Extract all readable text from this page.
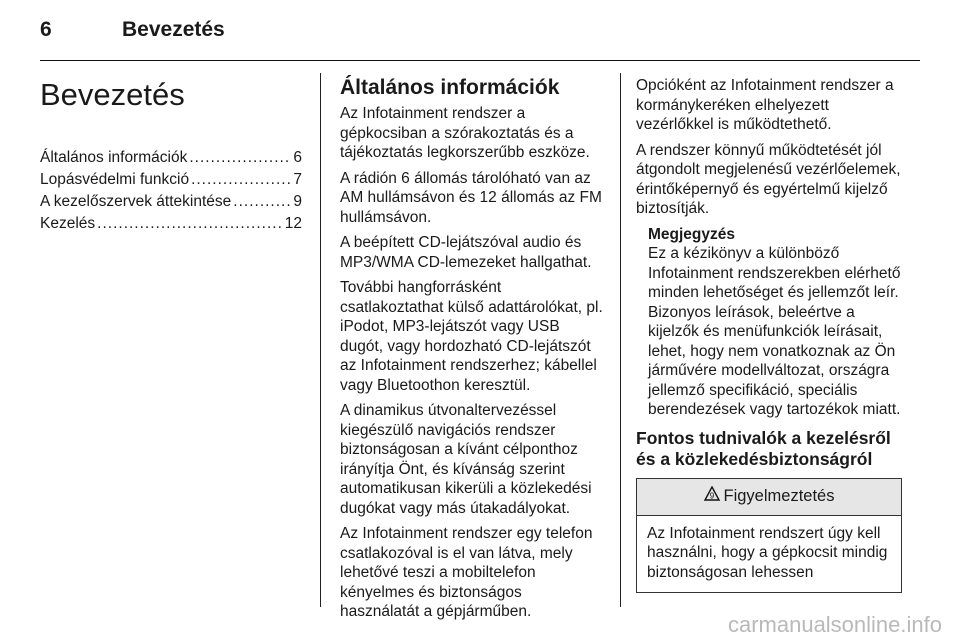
6	Bevezetés
Bevezetés
Általános információk .....	6
Lopásvédelmi funkció .....	7
A kezelőszervek áttekintése .....	9
Kezelés .....	12
Általános információk

Az Infotainment rendszer a gépkocsiban a szórakoztatás és a tájékoztatás legkorszerűbb eszköze.

A rádión 6 állomás tárolóható van az AM hullámsávon és 12 állomás az FM hullámsávon.

A beépített CD-lejátszóval audio és MP3/WMA CD-lemezeket hallgathat.

További hangforrásként csatlakoztathat külső adattárolókat, pl. iPodot, MP3-lejátszót vagy USB dugót, vagy hordozható CD-lejátszót az Infotainment rendszerhez; kábellel vagy Bluetoothon keresztül.

A dinamikus útvonaltervezéssel kiegészülő navigációs rendszer biztonságosan a kívánt célponthoz irányítja Önt, és kívánság szerint automatikusan kikerüli a közlekedési dugókat vagy más útakadályokat.

Az Infotainment rendszer egy telefon csatlakozóval is el van látva, mely lehetővé teszi a mobiltelefon kényelmes és biztonságos használatát a gépjárműben.

Opcióként az Infotainment rendszer a kormánykeréken elhelyezett vezérlőkkel is működtethető.

A rendszer könnyű működtetését jól átgondolt megjelenésű vezérlőelemek, érintőképernyő és egyértelmű kijelző biztosítják.

Megjegyzés
Ez a kézikönyv a különböző Infotainment rendszerekben elérhető minden lehetőséget és jellemzőt leír. Bizonyos leírások, beleértve a kijelzők és menüfunkciók leírásait, lehet, hogy nem vonatkoznak az Ön járművére modellváltozat, országra jellemző specifikáció, speciális berendezések vagy tartozékok miatt.
Fontos tudnivalók a kezelésről és a közlekedésbiztonságról
9 Figyelmeztetés
Az Infotainment rendszert úgy kell használni, hogy a gépkocsit mindig biztonságosan lehessen
carmanualsonline.info
